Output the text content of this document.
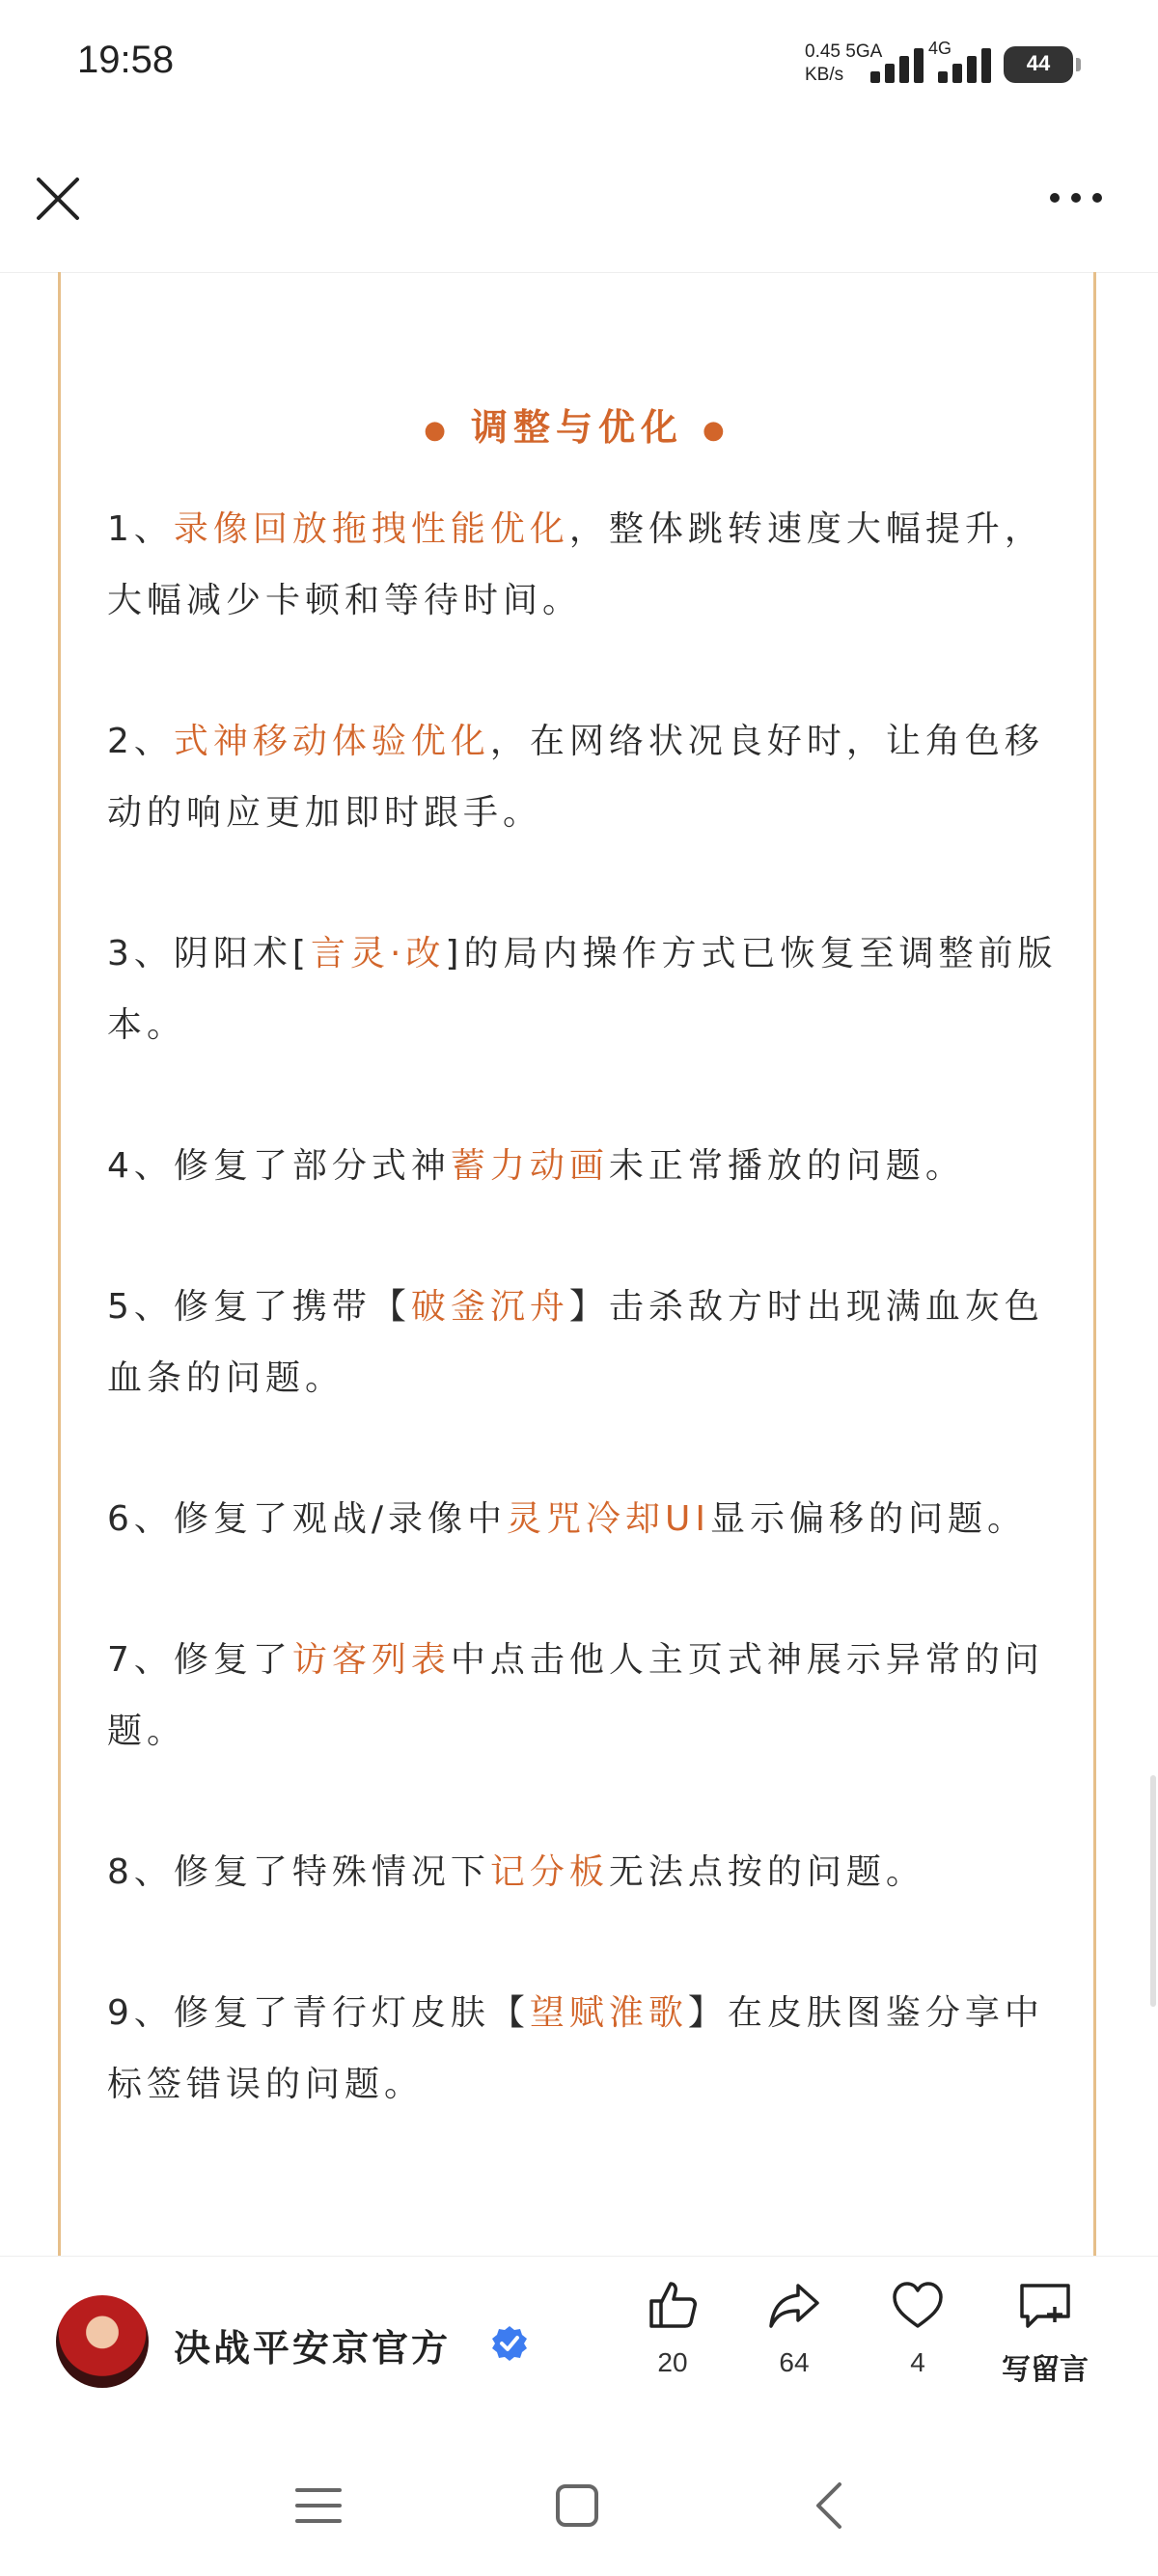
19:58	0.45 5GA
KB/s
4G
44
● 调整与优化 ●
1、录像回放拖拽性能优化，整体跳转速度大幅提升，大幅减少卡顿和等待时间。
2、式神移动体验优化，在网络状况良好时，让角色移动的响应更加即时跟手。
3、阴阳术[言灵·改]的局内操作方式已恢复至调整前版本。
4、修复了部分式神蓄力动画未正常播放的问题。
5、修复了携带【破釜沉舟】击杀敌方时出现满血灰色血条的问题。
6、修复了观战/录像中灵咒冷却UI显示偏移的问题。
7、修复了访客列表中点击他人主页式神展示异常的问题。
8、修复了特殊情况下记分板无法点按的问题。
9、修复了青行灯皮肤【望赋淮歌】在皮肤图鉴分享中标签错误的问题。
决战平安京官方	20	64	4	写留言
